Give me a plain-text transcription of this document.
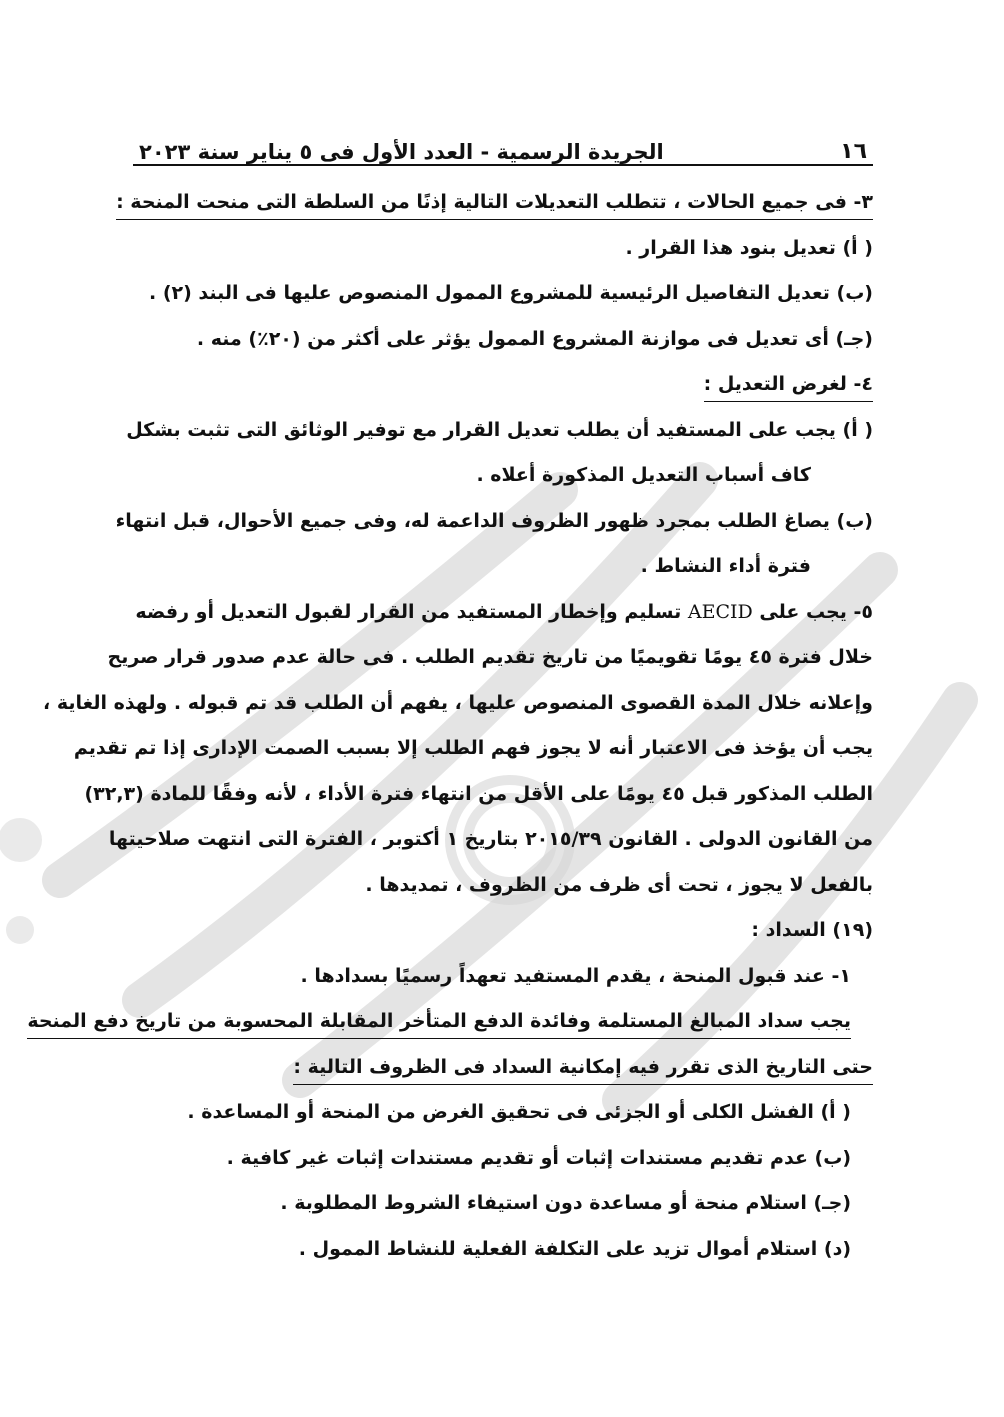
١٦
الجريدة الرسمية - العدد الأول فى ٥ يناير سنة ٢٠٢٣
٣- فى جميع الحالات ، تتطلب التعديلات التالية إذنًا من السلطة التى منحت المنحة :
( أ) تعديل بنود هذا القرار .
(ب) تعديل التفاصيل الرئيسية للمشروع الممول المنصوص عليها فى البند (٢) .
(جـ) أى تعديل فى موازنة المشروع الممول يؤثر على أكثر من (٢٠٪) منه .
٤- لغرض التعديل :
( أ) يجب على المستفيد أن يطلب تعديل القرار مع توفير الوثائق التى تثبت بشكل
كاف أسباب التعديل المذكورة أعلاه .
(ب) يصاغ الطلب بمجرد ظهور الظروف الداعمة له، وفى جميع الأحوال، قبل انتهاء
فترة أداء النشاط .
٥- يجب على AECID تسليم وإخطار المستفيد من القرار لقبول التعديل أو رفضه
خلال فترة ٤٥ يومًا تقويميًا من تاريخ تقديم الطلب . فى حالة عدم صدور قرار صريح
وإعلانه خلال المدة القصوى المنصوص عليها ، يفهم أن الطلب قد تم قبوله . ولهذه الغاية ،
يجب أن يؤخذ فى الاعتبار أنه لا يجوز فهم الطلب إلا بسبب الصمت الإدارى إذا تم تقديم
الطلب المذكور قبل ٤٥ يومًا على الأقل من انتهاء فترة الأداء ، لأنه وفقًا للمادة (٣٢,٣)
من القانون الدولى . القانون ٢٠١٥/٣٩ بتاريخ ١ أكتوبر ، الفترة التى انتهت صلاحيتها
بالفعل لا يجوز ، تحت أى ظرف من الظروف ، تمديدها .
(١٩) السداد :
١- عند قبول المنحة ، يقدم المستفيد تعهداً رسميًا بسدادها .
يجب سداد المبالغ المستلمة وفائدة الدفع المتأخر المقابلة المحسوبة من تاريخ دفع المنحة
حتى التاريخ الذى تقرر فيه إمكانية السداد فى الظروف التالية :
( أ) الفشل الكلى أو الجزئى فى تحقيق الغرض من المنحة أو المساعدة .
(ب) عدم تقديم مستندات إثبات أو تقديم مستندات إثبات غير كافية .
(جـ) استلام منحة أو مساعدة دون استيفاء الشروط المطلوبة .
(د) استلام أموال تزيد على التكلفة الفعلية للنشاط الممول .
